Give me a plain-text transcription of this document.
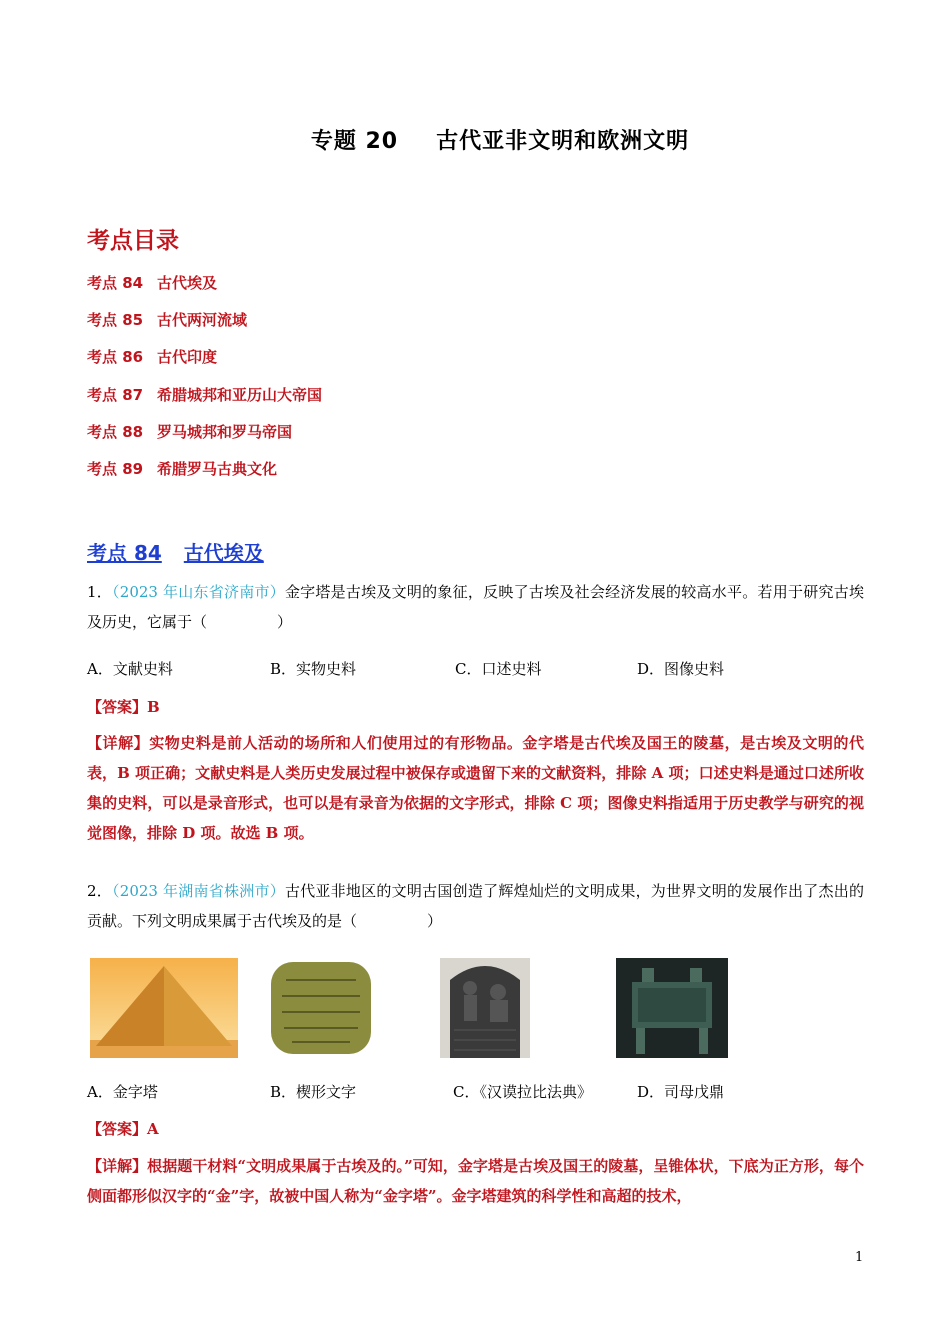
专题 20 古代亚非文明和欧洲文明
考点目录
考点 84 古代埃及
考点 85 古代两河流域
考点 86 古代印度
考点 87 希腊城邦和亚历山大帝国
考点 88 罗马城邦和罗马帝国
考点 89 希腊罗马古典文化
考点 84 古代埃及
1．（2023 年山东省济南市）金字塔是古埃及文明的象征，反映了古埃及社会经济发展的较高水平。若用于研究古埃及历史，它属于（	）
A．文献史料	B．实物史料	C．口述史料	D．图像史料
【答案】B
【详解】实物史料是前人活动的场所和人们使用过的有形物品。金字塔是古代埃及国王的陵墓，是古埃及文明的代表，B 项正确；文献史料是人类历史发展过程中被保存或遗留下来的文献资料，排除 A 项；口述史料是通过口述所收集的史料，可以是录音形式，也可以是有录音为依据的文字形式，排除 C 项；图像史料指适用于历史教学与研究的视觉图像，排除 D 项。故选 B 项。
2．（2023 年湖南省株洲市）古代亚非地区的文明古国创造了辉煌灿烂的文明成果，为世界文明的发展作出了杰出的贡献。下列文明成果属于古代埃及的是（	）
A．金字塔	B．楔形文字	C．《汉谟拉比法典》	D．司母戊鼎
【答案】A
【详解】根据题干材料“文明成果属于古埃及的。”可知，金字塔是古埃及国王的陵墓，呈锥体状，下底为正方形，每个侧面都形似汉字的“金”字，故被中国人称为“金字塔”。金字塔建筑的科学性和高超的技术，
1
